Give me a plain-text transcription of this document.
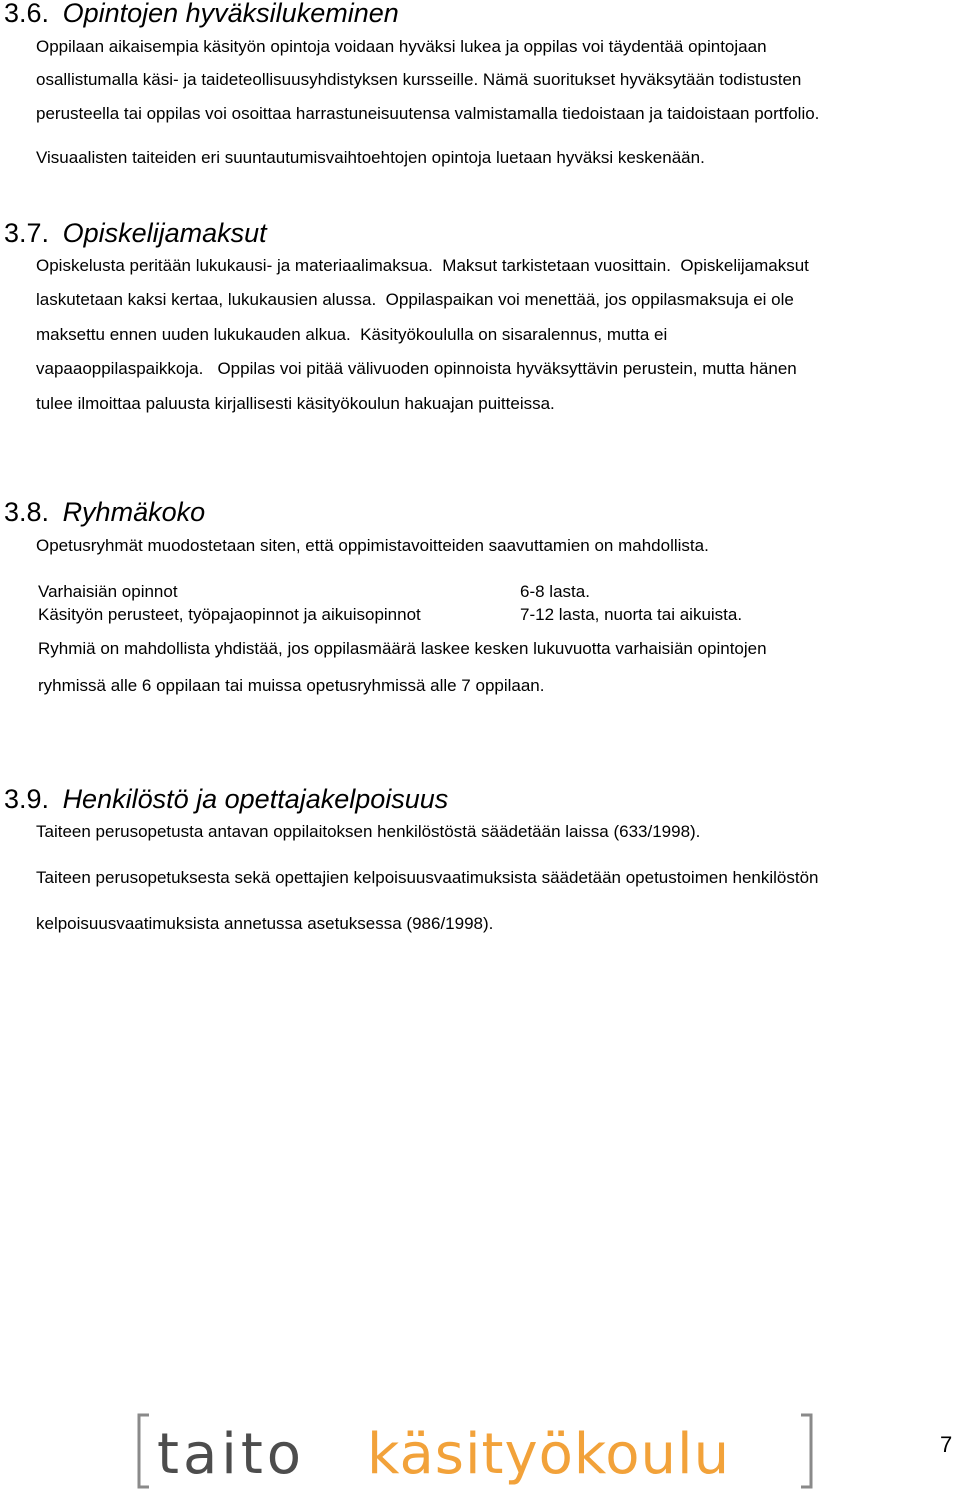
3.6. Opintojen hyväksilukeminen
Oppilaan aikaisempia käsityön opintoja voidaan hyväksi lukea ja oppilas voi täydentää opintojaan
osallistumalla käsi- ja taideteollisuusyhdistyksen kursseille. Nämä suoritukset hyväksytään todistusten
perusteella tai oppilas voi osoittaa harrastuneisuutensa valmistamalla tiedoistaan ja taidoistaan portfolio.
Visuaalisten taiteiden eri suuntautumisvaihtoehtojen opintoja luetaan hyväksi keskenään.
3.7. Opiskelijamaksut
Opiskelusta peritään lukukausi- ja materiaalimaksua.  Maksut tarkistetaan vuosittain.  Opiskelijamaksut
laskutetaan kaksi kertaa, lukukausien alussa.  Oppilaspaikan voi menettää, jos oppilasmaksuja ei ole
maksettu ennen uuden lukukauden alkua.  Käsityökoululla on sisaralennus, mutta ei
vapaaoppilaspaikkoja.   Oppilas voi pitää välivuoden opinnoista hyväksyttävin perustein, mutta hänen
tulee ilmoittaa paluusta kirjallisesti käsityökoulun hakuajan puitteissa.
3.8. Ryhmäkoko
Opetusryhmät muodostetaan siten, että oppimistavoitteiden saavuttamien on mahdollista.
Varhaisiän opinnot	6-8 lasta.
Käsityön perusteet, työpajaopinnot ja aikuisopinnot	7-12 lasta, nuorta tai aikuista.
Ryhmiä on mahdollista yhdistää, jos oppilasmäärä laskee kesken lukuvuotta varhaisiän opintojen
ryhmissä alle 6 oppilaan tai muissa opetusryhmissä alle 7 oppilaan.
3.9. Henkilöstö ja opettajakelpoisuus
Taiteen perusopetusta antavan oppilaitoksen henkilöstöstä säädetään laissa (633/1998).
Taiteen perusopetuksesta sekä opettajien kelpoisuusvaatimuksista säädetään opetustoimen henkilöstön
kelpoisuusvaatimuksista annetussa asetuksessa (986/1998).
taito käsityökoulu	7
